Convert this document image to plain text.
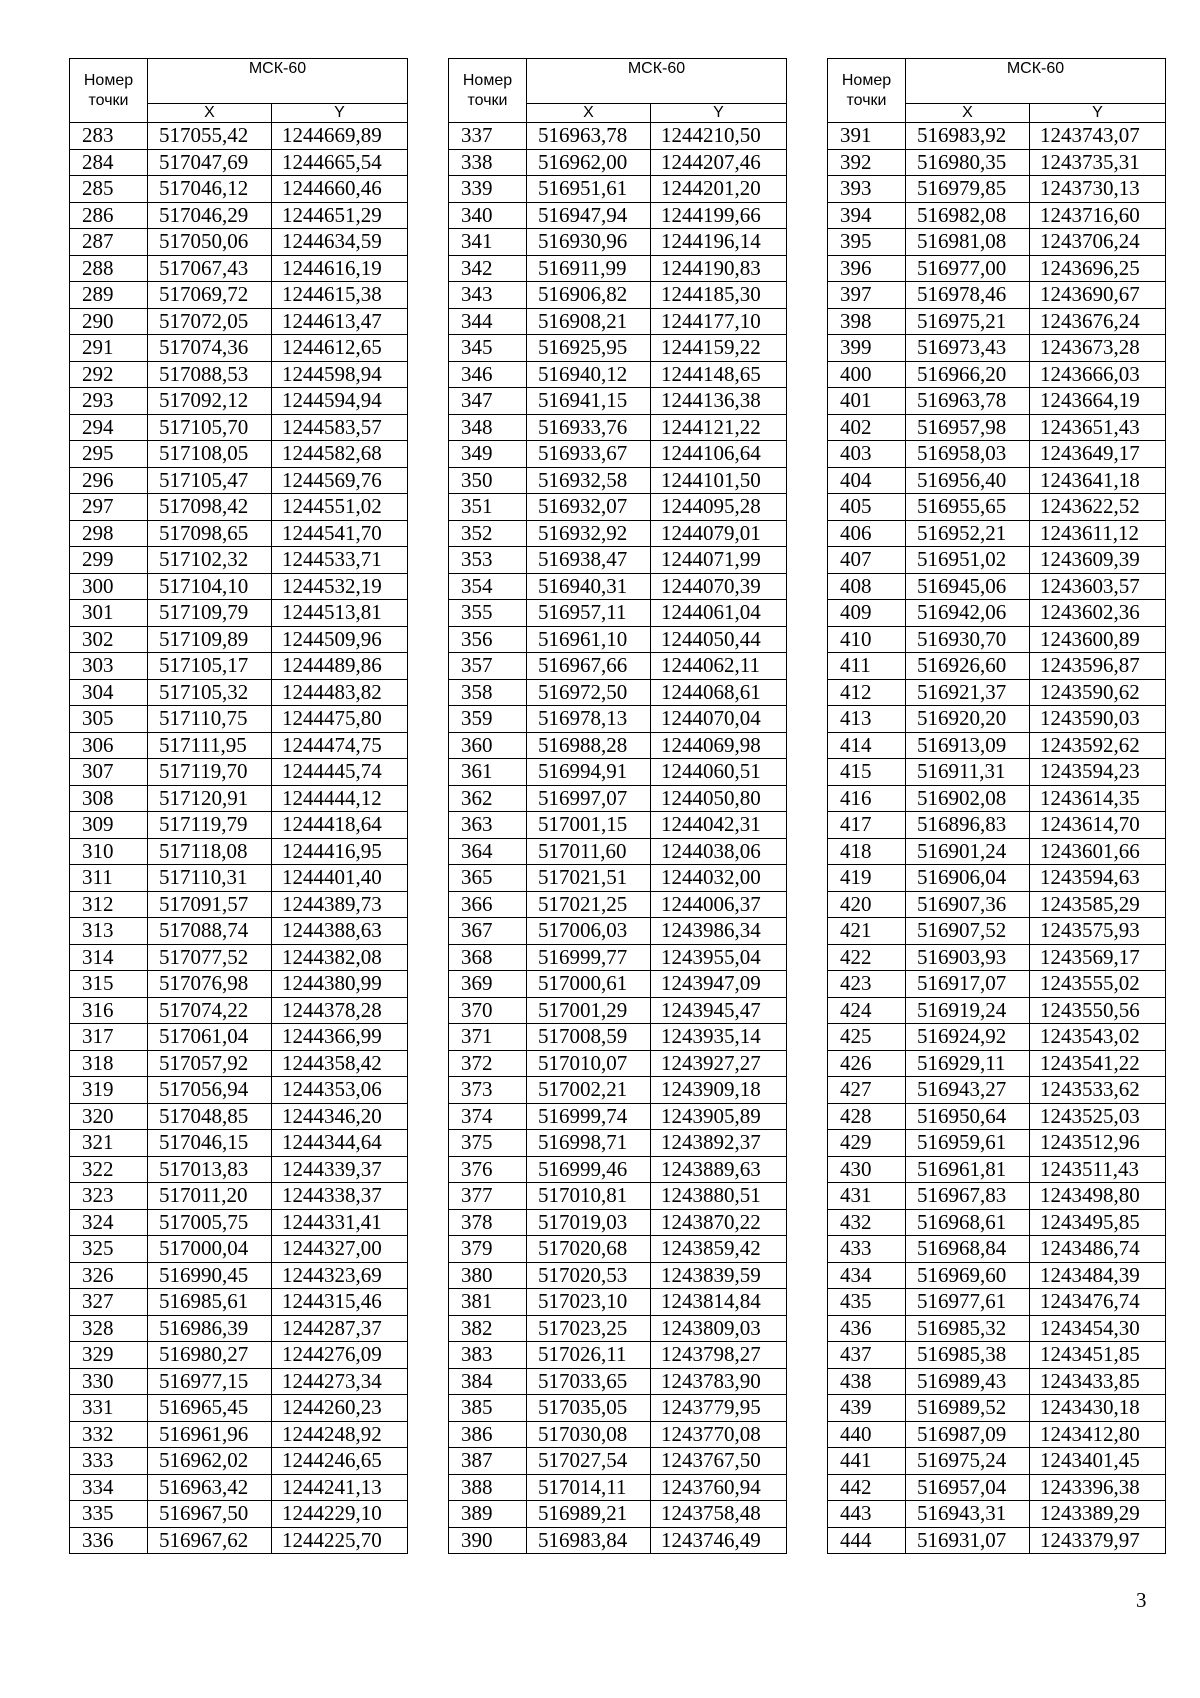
Номер точки	МСК-60	
	X	Y
283	517055,42	1244669,89
284	517047,69	1244665,54
285	517046,12	1244660,46
286	517046,29	1244651,29
287	517050,06	1244634,59
288	517067,43	1244616,19
289	517069,72	1244615,38
290	517072,05	1244613,47
291	517074,36	1244612,65
292	517088,53	1244598,94
293	517092,12	1244594,94
294	517105,70	1244583,57
295	517108,05	1244582,68
296	517105,47	1244569,76
297	517098,42	1244551,02
298	517098,65	1244541,70
299	517102,32	1244533,71
300	517104,10	1244532,19
301	517109,79	1244513,81
302	517109,89	1244509,96
303	517105,17	1244489,86
304	517105,32	1244483,82
305	517110,75	1244475,80
306	517111,95	1244474,75
307	517119,70	1244445,74
308	517120,91	1244444,12
309	517119,79	1244418,64
310	517118,08	1244416,95
311	517110,31	1244401,40
312	517091,57	1244389,73
313	517088,74	1244388,63
314	517077,52	1244382,08
315	517076,98	1244380,99
316	517074,22	1244378,28
317	517061,04	1244366,99
318	517057,92	1244358,42
319	517056,94	1244353,06
320	517048,85	1244346,20
321	517046,15	1244344,64
322	517013,83	1244339,37
323	517011,20	1244338,37
324	517005,75	1244331,41
325	517000,04	1244327,00
326	516990,45	1244323,69
327	516985,61	1244315,46
328	516986,39	1244287,37
329	516980,27	1244276,09
330	516977,15	1244273,34
331	516965,45	1244260,23
332	516961,96	1244248,92
333	516962,02	1244246,65
334	516963,42	1244241,13
335	516967,50	1244229,10
336	516967,62	1244225,70
Номер точки	МСК-60	
	X	Y
337	516963,78	1244210,50
338	516962,00	1244207,46
339	516951,61	1244201,20
340	516947,94	1244199,66
341	516930,96	1244196,14
342	516911,99	1244190,83
343	516906,82	1244185,30
344	516908,21	1244177,10
345	516925,95	1244159,22
346	516940,12	1244148,65
347	516941,15	1244136,38
348	516933,76	1244121,22
349	516933,67	1244106,64
350	516932,58	1244101,50
351	516932,07	1244095,28
352	516932,92	1244079,01
353	516938,47	1244071,99
354	516940,31	1244070,39
355	516957,11	1244061,04
356	516961,10	1244050,44
357	516967,66	1244062,11
358	516972,50	1244068,61
359	516978,13	1244070,04
360	516988,28	1244069,98
361	516994,91	1244060,51
362	516997,07	1244050,80
363	517001,15	1244042,31
364	517011,60	1244038,06
365	517021,51	1244032,00
366	517021,25	1244006,37
367	517006,03	1243986,34
368	516999,77	1243955,04
369	517000,61	1243947,09
370	517001,29	1243945,47
371	517008,59	1243935,14
372	517010,07	1243927,27
373	517002,21	1243909,18
374	516999,74	1243905,89
375	516998,71	1243892,37
376	516999,46	1243889,63
377	517010,81	1243880,51
378	517019,03	1243870,22
379	517020,68	1243859,42
380	517020,53	1243839,59
381	517023,10	1243814,84
382	517023,25	1243809,03
383	517026,11	1243798,27
384	517033,65	1243783,90
385	517035,05	1243779,95
386	517030,08	1243770,08
387	517027,54	1243767,50
388	517014,11	1243760,94
389	516989,21	1243758,48
390	516983,84	1243746,49
Номер точки	МСК-60	
	X	Y
391	516983,92	1243743,07
392	516980,35	1243735,31
393	516979,85	1243730,13
394	516982,08	1243716,60
395	516981,08	1243706,24
396	516977,00	1243696,25
397	516978,46	1243690,67
398	516975,21	1243676,24
399	516973,43	1243673,28
400	516966,20	1243666,03
401	516963,78	1243664,19
402	516957,98	1243651,43
403	516958,03	1243649,17
404	516956,40	1243641,18
405	516955,65	1243622,52
406	516952,21	1243611,12
407	516951,02	1243609,39
408	516945,06	1243603,57
409	516942,06	1243602,36
410	516930,70	1243600,89
411	516926,60	1243596,87
412	516921,37	1243590,62
413	516920,20	1243590,03
414	516913,09	1243592,62
415	516911,31	1243594,23
416	516902,08	1243614,35
417	516896,83	1243614,70
418	516901,24	1243601,66
419	516906,04	1243594,63
420	516907,36	1243585,29
421	516907,52	1243575,93
422	516903,93	1243569,17
423	516917,07	1243555,02
424	516919,24	1243550,56
425	516924,92	1243543,02
426	516929,11	1243541,22
427	516943,27	1243533,62
428	516950,64	1243525,03
429	516959,61	1243512,96
430	516961,81	1243511,43
431	516967,83	1243498,80
432	516968,61	1243495,85
433	516968,84	1243486,74
434	516969,60	1243484,39
435	516977,61	1243476,74
436	516985,32	1243454,30
437	516985,38	1243451,85
438	516989,43	1243433,85
439	516989,52	1243430,18
440	516987,09	1243412,80
441	516975,24	1243401,45
442	516957,04	1243396,38
443	516943,31	1243389,29
444	516931,07	1243379,97
3
